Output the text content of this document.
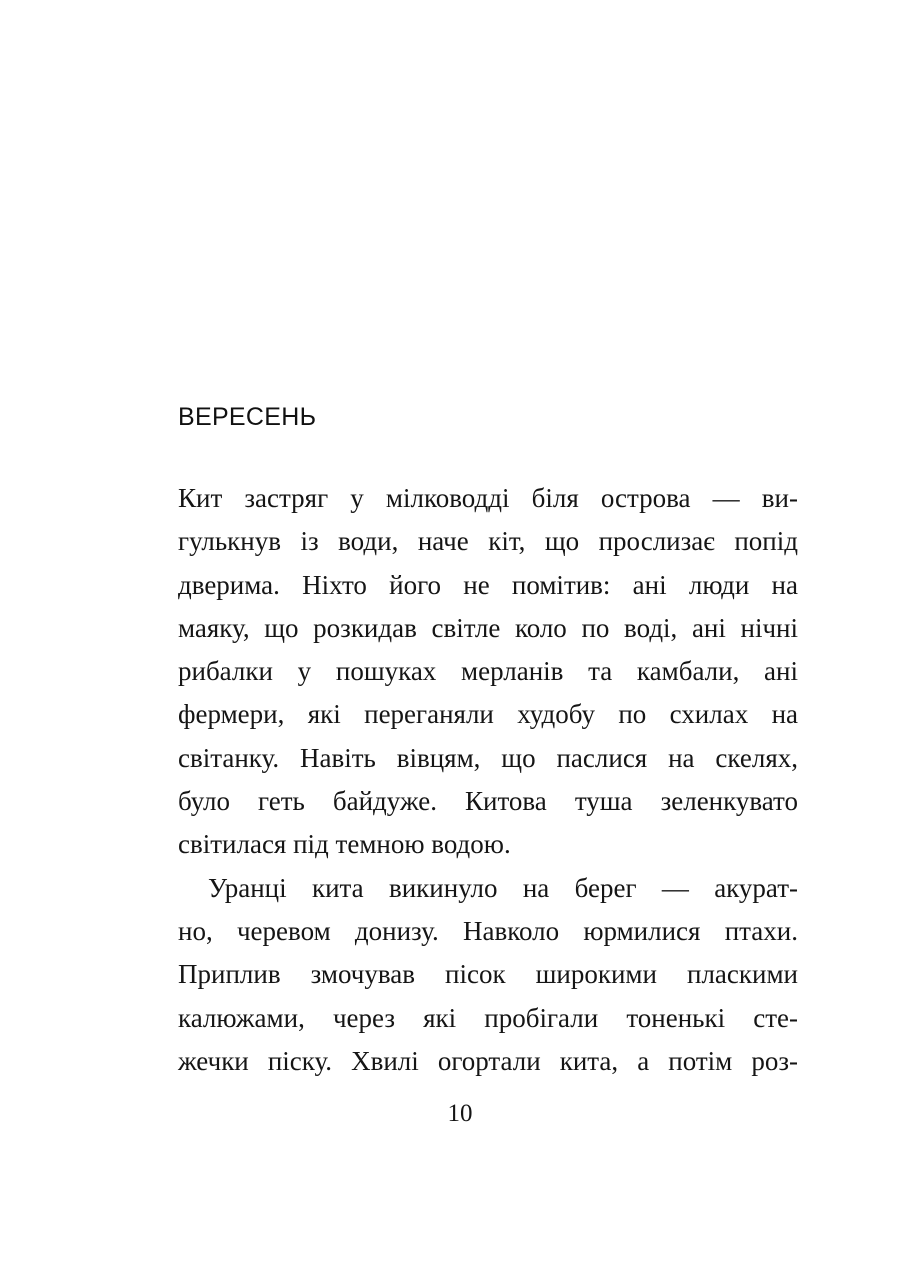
ВЕРЕСЕНЬ
Кит застряг у мілководді біля острова — ви-
гулькнув із води, наче кіт, що прослизає попід
дверима. Ніхто його не помітив: ані люди на
маяку, що розкидав світле коло по воді, ані нічні
рибалки у пошуках мерланів та камбали, ані
фермери, які переганяли худобу по схилах на
світанку. Навіть вівцям, що паслися на скелях,
було геть байдуже. Китова туша зеленкувато
світилася під темною водою.
Уранці кита викинуло на берег — акурат-
но, черевом донизу. Навколо юрмилися птахи.
Приплив змочував пісок широкими пласкими
калюжами, через які пробігали тоненькі сте-
жечки піску. Хвилі огортали кита, а потім роз-
10
